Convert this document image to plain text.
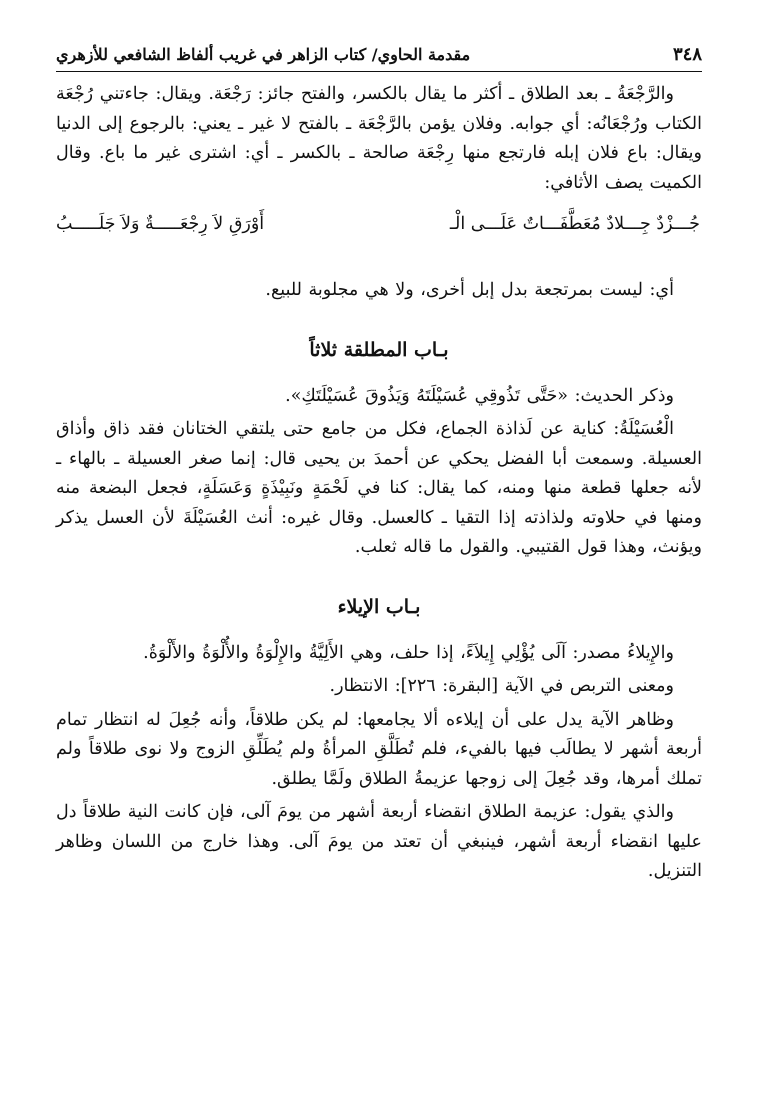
٣٤٨
مقدمة الحاوي/ كتاب الزاهر في غريب ألفاظ الشافعي للأزهري

والرَّجْعَةُ ـ بعد الطلاق ـ أكثر ما يقال بالكسر، والفتح جائز: رَجْعَة. ويقال: جاءتني رُجْعَة الكتاب ورُجْعَانُه: أي جوابه. وفلان يؤمن بالرَّجْعَة ـ بالفتح لا غير ـ يعني: بالرجوع إلى الدنيا ويقال: باع فلان إبله فارتجع منها رِجْعَة صالحة ـ بالكسر ـ أي: اشترى غير ما باع. وقال الكميت يصف الأثافي:

جُـــزْدٌ جِـــلادٌ مُعَطَّفَـــاتٌ عَلَـــى الْـ
أَوْرَقِ لاَ رِجْعَـــــةٌ وَلاَ جَلَـــــبُ

أي: ليست بمرتجعة بدل إبل أخرى، ولا هي مجلوبة للبيع.

بـاب المطلقة ثلاثاً

وذكر الحديث: «حَتَّى تَذُوقِي عُسَيْلَتَهُ وَيَذُوقَ عُسَيْلَتَكِ».

الْعُسَيْلَةُ: كناية عن لَذاذة الجماع، فكل من جامع حتى يلتقي الختانان فقد ذاق وأذاق العسيلة. وسمعت أبا الفضل يحكي عن أحمدَ بن يحيى قال: إنما صغر العسيلة ـ بالهاء ـ لأنه جعلها قطعة منها ومنه، كما يقال: كنا في لَحْمَةٍ ونَبِيْذَةٍ وَعَسَلَةٍ، فجعل البضعة منه ومنها في حلاوته ولذاذته إذا التقيا ـ كالعسل. وقال غيره: أنث العُسَيْلَةَ لأن العسل يذكر ويؤنث، وهذا قول القتيبي. والقول ما قاله ثعلب.

بـاب الإيلاء

والإِيلاءُ مصدر: آلَى يُؤْلِي إِيلاَءً، إذا حلف، وهي الأَلِيَّةُ والإِلْوَةُ والأُلْوَةُ والأَلْوَةُ.

ومعنى التربص في الآية [البقرة: ٢٢٦]: الانتظار.

وظاهر الآية يدل على أن إيلاءه ألا يجامعها: لم يكن طلاقاً، وأنه جُعِلَ له انتظار تمام أربعة أشهر لا يطالَب فيها بالفيء، فلم تُطَلَّقِ المرأةُ ولم يُطَلِّقِ الزوج ولا نوى طلاقاً ولم تملك أمرها، وقد جُعِلَ إلى زوجها عزيمةُ الطلاق ولَمَّا يطلق.

والذي يقول: عزيمة الطلاق انقضاء أربعة أشهر من يومَ آلى، فإن كانت النية طلاقاً دل عليها انقضاء أربعة أشهر، فينبغي أن تعتد من يومَ آلى. وهذا خارج من اللسان وظاهر التنزيل.
